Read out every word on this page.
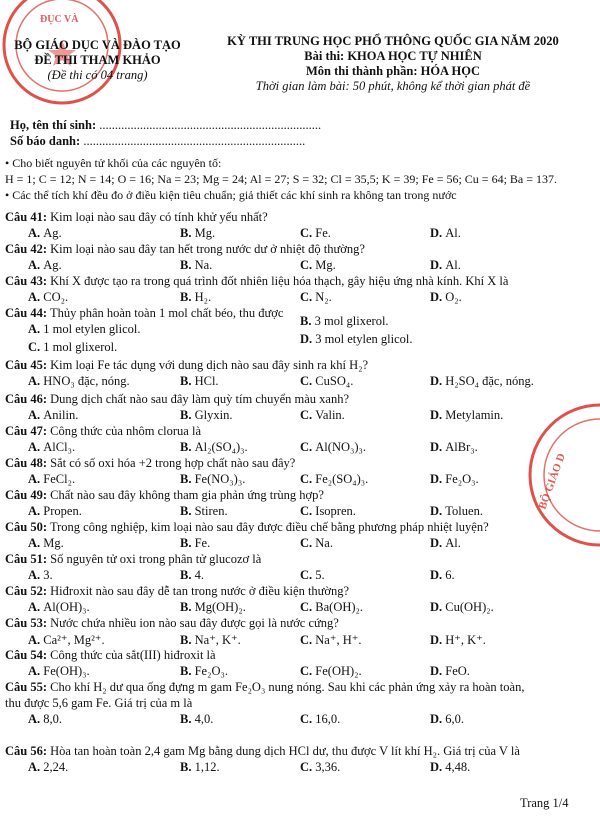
ĐỤC VÀ
BỘ GIÁO D
BỘ GIÁO DỤC VÀ ĐÀO TẠO
ĐỀ THI THAM KHẢO
(Đề thi có 04 trang)
KỲ THI TRUNG HỌC PHỔ THÔNG QUỐC GIA NĂM 2020
Bài thi: KHOA HỌC TỰ NHIÊN
Môn thi thành phần: HÓA HỌC
Thời gian làm bài: 50 phút, không kể thời gian phát đề
Họ, tên thí sinh: .......................................................................
Số báo danh: .......................................................................
• Cho biết nguyên tử khối của các nguyên tố:
H = 1; C = 12; N = 14; O = 16; Na = 23; Mg = 24; Al = 27; S = 32; Cl = 35,5; K = 39; Fe = 56; Cu = 64; Ba = 137.
• Các thể tích khí đều đo ở điều kiện tiêu chuẩn; giả thiết các khí sinh ra không tan trong nước
Câu 41: Kim loại nào sau đây có tính khử yếu nhất?
A. Ag.	B. Mg.	C. Fe.	D. Al.
Câu 42: Kim loại nào sau đây tan hết trong nước dư ở nhiệt độ thường?
A. Ag.	B. Na.	C. Mg.	D. Al.
Câu 43: Khí X được tạo ra trong quá trình đốt nhiên liệu hóa thạch, gây hiệu ứng nhà kính. Khí X là
A. CO₂.	B. H₂.	C. N₂.	D. O₂.
Câu 44: Thủy phân hoàn toàn 1 mol chất béo, thu được
A. 1 mol etylen glicol.
B. 3 mol glixerol.
C. 1 mol glixerol.
D. 3 mol etylen glicol.
Câu 45: Kim loại Fe tác dụng với dung dịch nào sau đây sinh ra khí H₂?
A. HNO₃ đặc, nóng.	B. HCl.	C. CuSO₄.	D. H₂SO₄ đặc, nóng.
Câu 46: Dung dịch chất nào sau đây làm quỳ tím chuyển màu xanh?
A. Anilin.	B. Glyxin.	C. Valin.	D. Metylamin.
Câu 47: Công thức của nhôm clorua là
A. AlCl₃.	B. Al₂(SO₄)₃.	C. Al(NO₃)₃.	D. AlBr₃.
Câu 48: Sắt có số oxi hóa +2 trong hợp chất nào sau đây?
A. FeCl₂.	B. Fe(NO₃)₃.	C. Fe₂(SO₄)₃.	D. Fe₂O₃.
Câu 49: Chất nào sau đây không tham gia phản ứng trùng hợp?
A. Propen.	B. Stiren.	C. Isopren.	D. Toluen.
Câu 50: Trong công nghiệp, kim loại nào sau đây được điều chế bằng phương pháp nhiệt luyện?
A. Mg.	B. Fe.	C. Na.	D. Al.
Câu 51: Số nguyên tử oxi trong phân tử glucozơ là
A. 3.	B. 4.	C. 5.	D. 6.
Câu 52: Hiđroxit nào sau đây dễ tan trong nước ở điều kiện thường?
A. Al(OH)₃.	B. Mg(OH)₂.	C. Ba(OH)₂.	D. Cu(OH)₂.
Câu 53: Nước chứa nhiều ion nào sau đây được gọi là nước cứng?
A. Ca²⁺, Mg²⁺.	B. Na⁺, K⁺.	C. Na⁺, H⁺.	D. H⁺, K⁺.
Câu 54: Công thức của sắt(III) hiđroxit là
A. Fe(OH)₃.	B. Fe₂O₃.	C. Fe(OH)₂.	D. FeO.
Câu 55: Cho khí H₂ dư qua ống đựng m gam Fe₂O₃ nung nóng. Sau khi các phản ứng xảy ra hoàn toàn,
thu được 5,6 gam Fe. Giá trị của m là
A. 8,0.	B. 4,0.	C. 16,0.	D. 6,0.
Câu 56: Hòa tan hoàn toàn 2,4 gam Mg bằng dung dịch HCl dư, thu được V lít khí H₂. Giá trị của V là
A. 2,24.	B. 1,12.	C. 3,36.	D. 4,48.
Trang 1/4
